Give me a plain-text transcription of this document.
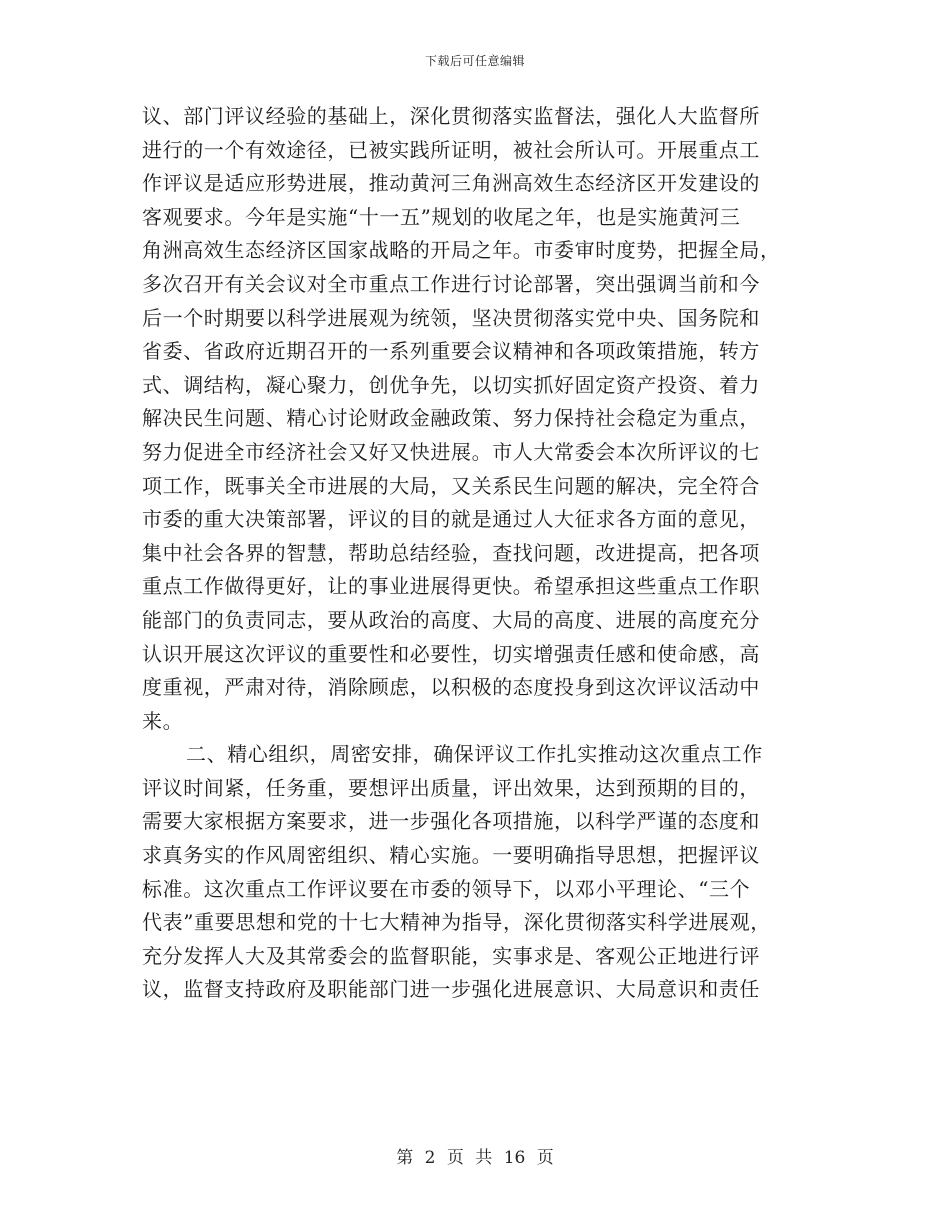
下载后可任意编辑
议、部门评议经验的基础上，深化贯彻落实监督法，强化人大监督所
进行的一个有效途径，已被实践所证明，被社会所认可。开展重点工
作评议是适应形势进展，推动黄河三角洲高效生态经济区开发建设的
客观要求。今年是实施“十一五”规划的收尾之年，也是实施黄河三
角洲高效生态经济区国家战略的开局之年。市委审时度势，把握全局，
多次召开有关会议对全市重点工作进行讨论部署，突出强调当前和今
后一个时期要以科学进展观为统领，坚决贯彻落实党中央、国务院和
省委、省政府近期召开的一系列重要会议精神和各项政策措施，转方
式、调结构，凝心聚力，创优争先，以切实抓好固定资产投资、着力
解决民生问题、精心讨论财政金融政策、努力保持社会稳定为重点，
努力促进全市经济社会又好又快进展。市人大常委会本次所评议的七
项工作，既事关全市进展的大局，又关系民生问题的解决，完全符合
市委的重大决策部署，评议的目的就是通过人大征求各方面的意见，
集中社会各界的智慧，帮助总结经验，查找问题，改进提高，把各项
重点工作做得更好，让的事业进展得更快。希望承担这些重点工作职
能部门的负责同志，要从政治的高度、大局的高度、进展的高度充分
认识开展这次评议的重要性和必要性，切实增强责任感和使命感，高
度重视，严肃对待，消除顾虑，以积极的态度投身到这次评议活动中
来。
二、精心组织，周密安排，确保评议工作扎实推动这次重点工作
评议时间紧，任务重，要想评出质量，评出效果，达到预期的目的，
需要大家根据方案要求，进一步强化各项措施，以科学严谨的态度和
求真务实的作风周密组织、精心实施。一要明确指导思想，把握评议
标准。这次重点工作评议要在市委的领导下，以邓小平理论、“三个
代表”重要思想和党的十七大精神为指导，深化贯彻落实科学进展观，
充分发挥人大及其常委会的监督职能，实事求是、客观公正地进行评
议，监督支持政府及职能部门进一步强化进展意识、大局意识和责任
第 2 页 共 16 页
